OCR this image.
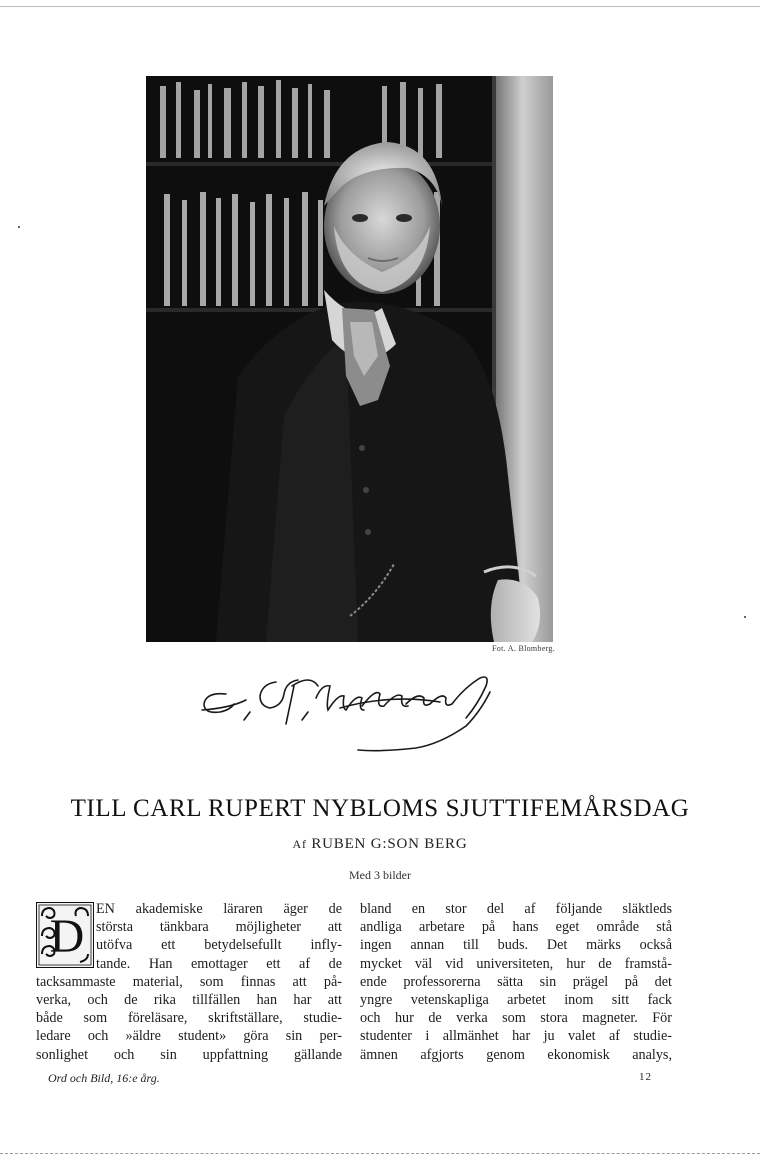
Fot. A. Blomberg.
TILL CARL RUPERT NYBLOMS SJUTTIFEMÅRSDAG
Af RUBEN G:SON BERG
Med 3 bilder
D
EN akademiske läraren äger de
största tänkbara möjligheter att
utöfva ett betydelsefullt infly-
tande. Han emottager ett af de
tacksammaste material, som finnas att på-
verka, och de rika tillfällen han har att
både som föreläsare, skriftställare, studie-
ledare och »äldre student» göra sin per-
sonlighet och sin uppfattning gällande
bland en stor del af följande släktleds
andliga arbetare på hans eget område stå
ingen annan till buds. Det märks också
mycket väl vid universiteten, hur de framstå-
ende professorerna sätta sin prägel på det
yngre vetenskapliga arbetet inom sitt fack
och hur de verka som stora magneter. För
studenter i allmänhet har ju valet af studie-
ämnen afgjorts genom ekonomisk analys,
Ord och Bild, 16:e årg.	12
